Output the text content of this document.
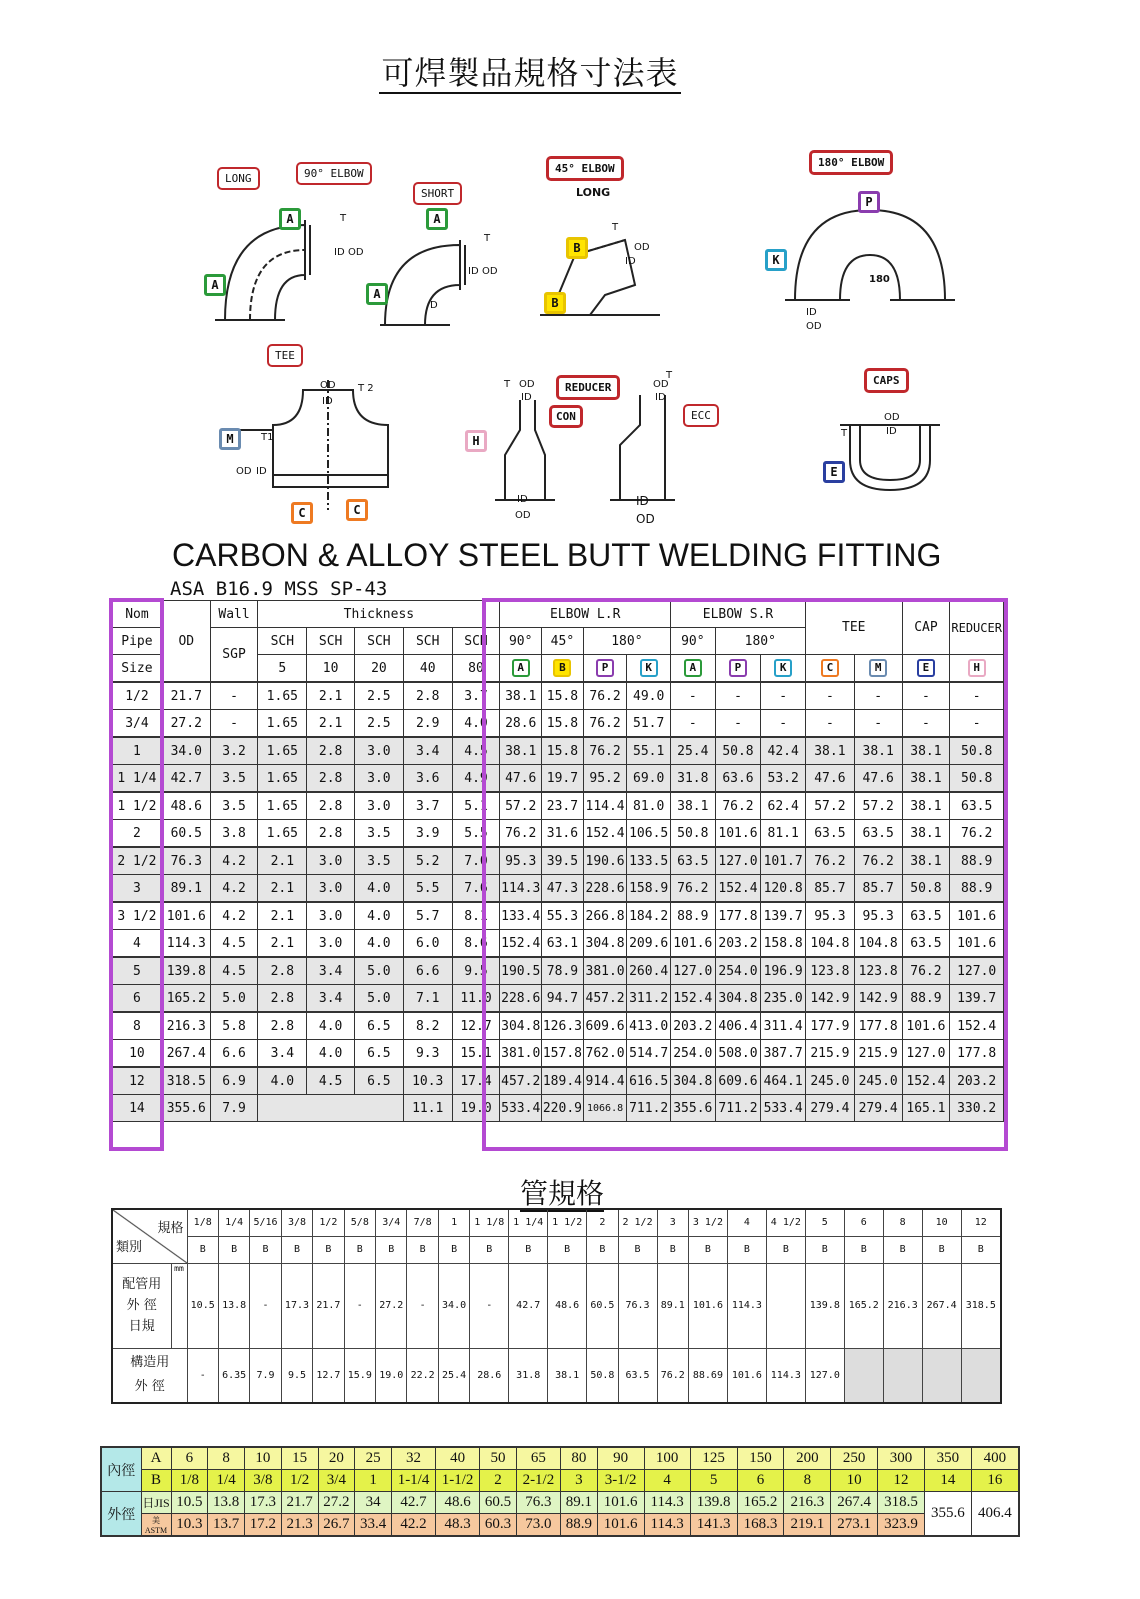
可焊製品規格寸法表
LONG	90° ELBOW
SHORT
45° ELBOW
LONG
180° ELBOW
TEE
REDUCER
CON	ECC
CAPS
A
A
A
A
B
B
P
K
M
C	C
H
E
ID OD
T
ID OD
T
D
OD
ID
T
180
ID
OD
OD
ID
T 2
T1
OD ID
T OD
ID
OD
ID
T
ID
OD
ID
OD
OD
ID
T
CARBON & ALLOY STEEL BUTT WELDING FITTING
ASA B16.9 MSS SP-43
Nom	OD	Wall	Thickness					ELBOW L.R				ELBOW S.R			TEE		CAP	REDUCER
Pipe		SGP	SCH	SCH	SCH	SCH	SCH	90°	45°	180°		90°	180°					
Size			5	10	20	40	80	A	B	P	K	A	P	K	C	M	E	H
1/2	21.7	-	1.65	2.1	2.5	2.8	3.7	38.1	15.8	76.2	49.0	-	-	-	-	-	-	-
3/4	27.2	-	1.65	2.1	2.5	2.9	4.0	28.6	15.8	76.2	51.7	-	-	-	-	-	-	-
1	34.0	3.2	1.65	2.8	3.0	3.4	4.5	38.1	15.8	76.2	55.1	25.4	50.8	42.4	38.1	38.1	38.1	50.8
1 1/4	42.7	3.5	1.65	2.8	3.0	3.6	4.9	47.6	19.7	95.2	69.0	31.8	63.6	53.2	47.6	47.6	38.1	50.8
1 1/2	48.6	3.5	1.65	2.8	3.0	3.7	5.1	57.2	23.7	114.4	81.0	38.1	76.2	62.4	57.2	57.2	38.1	63.5
2	60.5	3.8	1.65	2.8	3.5	3.9	5.5	76.2	31.6	152.4	106.5	50.8	101.6	81.1	63.5	63.5	38.1	76.2
2 1/2	76.3	4.2	2.1	3.0	3.5	5.2	7.0	95.3	39.5	190.6	133.5	63.5	127.0	101.7	76.2	76.2	38.1	88.9
3	89.1	4.2	2.1	3.0	4.0	5.5	7.6	114.3	47.3	228.6	158.9	76.2	152.4	120.8	85.7	85.7	50.8	88.9
3 1/2	101.6	4.2	2.1	3.0	4.0	5.7	8.1	133.4	55.3	266.8	184.2	88.9	177.8	139.7	95.3	95.3	63.5	101.6
4	114.3	4.5	2.1	3.0	4.0	6.0	8.6	152.4	63.1	304.8	209.6	101.6	203.2	158.8	104.8	104.8	63.5	101.6
5	139.8	4.5	2.8	3.4	5.0	6.6	9.5	190.5	78.9	381.0	260.4	127.0	254.0	196.9	123.8	123.8	76.2	127.0
6	165.2	5.0	2.8	3.4	5.0	7.1	11.0	228.6	94.7	457.2	311.2	152.4	304.8	235.0	142.9	142.9	88.9	139.7
8	216.3	5.8	2.8	4.0	6.5	8.2	12.7	304.8	126.3	609.6	413.0	203.2	406.4	311.4	177.9	177.8	101.6	152.4
10	267.4	6.6	3.4	4.0	6.5	9.3	15.1	381.0	157.8	762.0	514.7	254.0	508.0	387.7	215.9	215.9	127.0	177.8
12	318.5	6.9	4.0	4.5	6.5	10.3	17.4	457.2	189.4	914.4	616.5	304.8	609.6	464.1	245.0	245.0	152.4	203.2
14	355.6	7.9				11.1	19.0	533.4	220.9	1066.8	711.2	355.6	711.2	533.4	279.4	279.4	165.1	330.2
管規格
規格
類別		1/8	1/4	5/16	3/8	1/2	5/8	3/4	7/8	1	1 1/8	1 1/4	1 1/2	2	2 1/2	3	3 1/2	4	4 1/2	5	6	8	10	12
		B	B	B	B	B	B	B	B	B	B	B	B	B	B	B	B	B	B	B	B	B	B	B

配管用
外 徑
日規	mm	10.5	13.8	-	17.3	21.7	-	27.2	-	34.0	-	42.7	48.6	60.5	76.3	89.1	101.6	114.3		139.8	165.2	216.3	267.4	318.5

構造用
外 徑		-	6.35	7.9	9.5	12.7	15.9	19.0	22.2	25.4	28.6	31.8	38.1	50.8	63.5	76.2	88.69	101.6	114.3	127.0				
內徑	A	6	8	10	15	20	25	32	40	50	65	80	90	100	125	150	200	250	300	350	400
	B	1/8	1/4	3/8	1/2	3/4	1	1-1/4	1-1/2	2	2-1/2	3	3-1/2	4	5	6	8	10	12	14	16
外徑	日JIS	10.5	13.8	17.3	21.7	27.2	34	42.7	48.6	60.5	76.3	89.1	101.6	114.3	139.8	165.2	216.3	267.4	318.5	355.6	406.4
	美ASTM	10.3	13.7	17.2	21.3	26.7	33.4	42.2	48.3	60.3	73.0	88.9	101.6	114.3	141.3	168.3	219.1	273.1	323.9		
